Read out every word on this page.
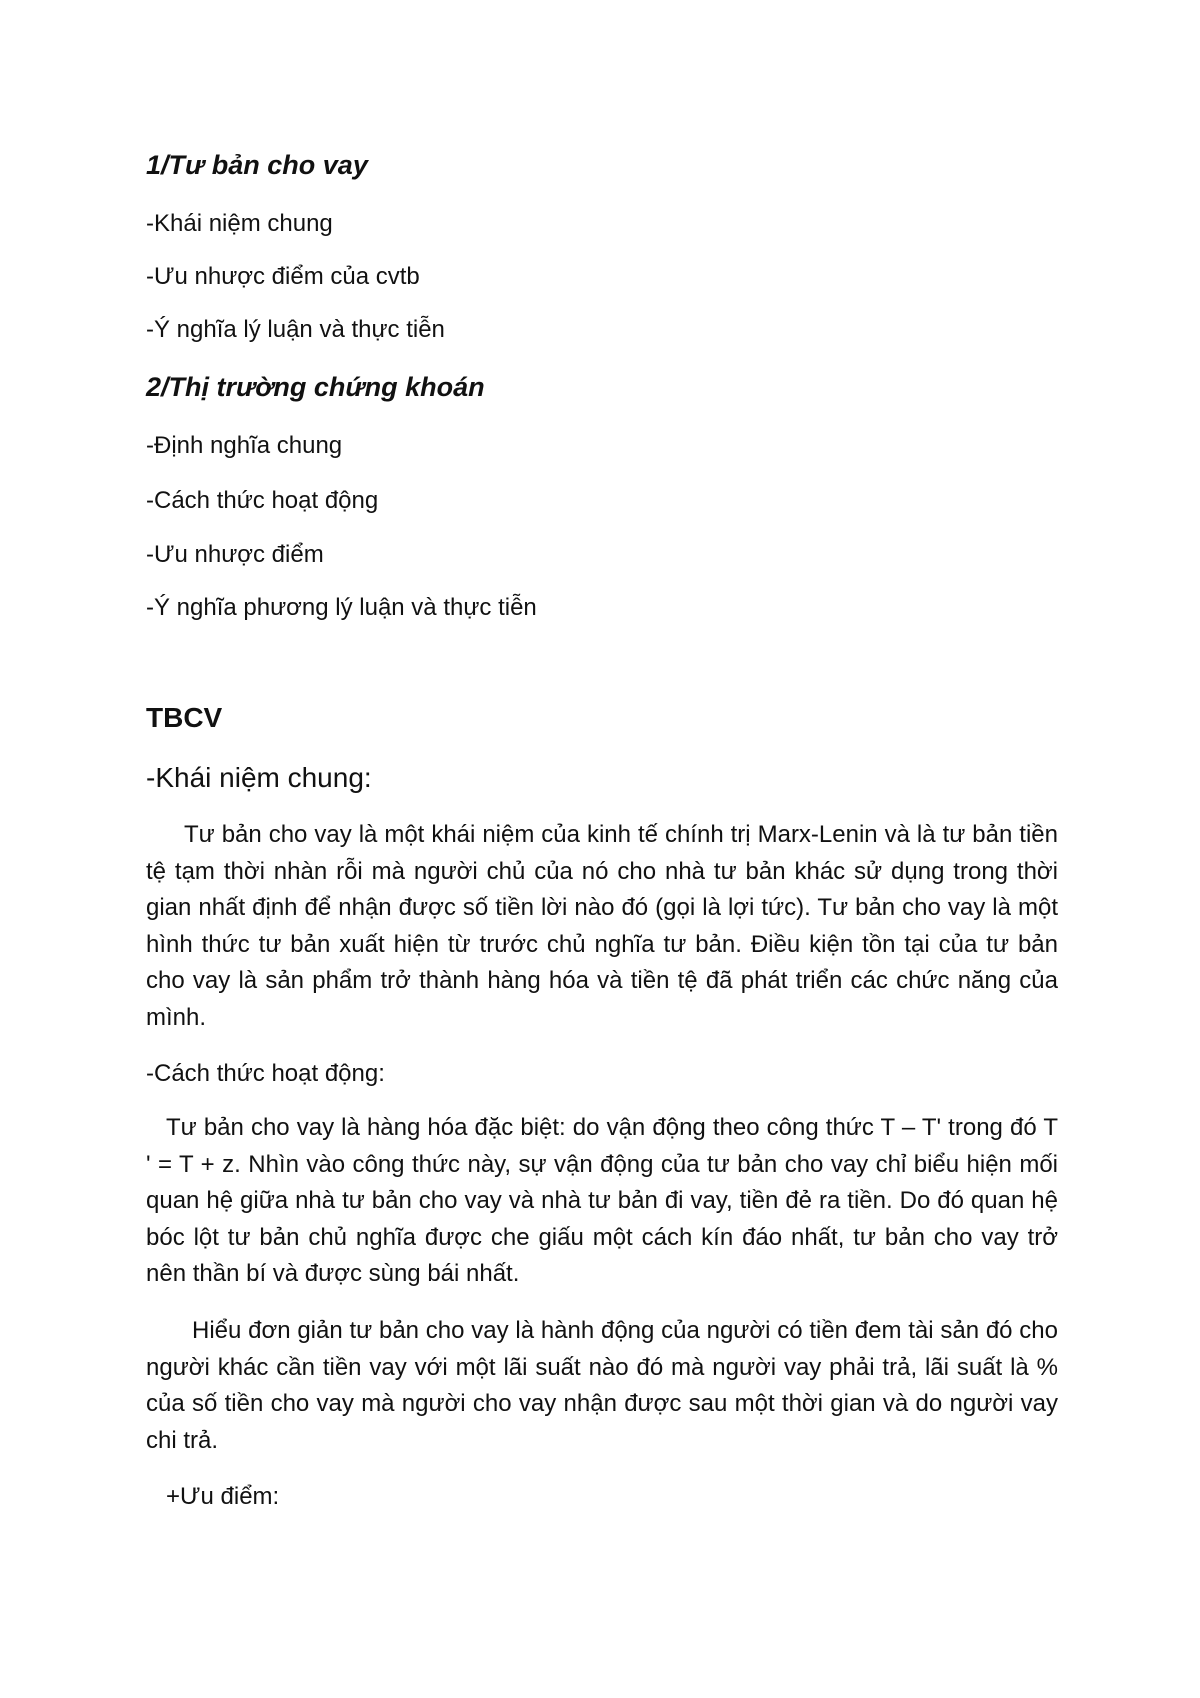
1/Tư bản cho vay

-Khái niệm chung

-Ưu nhược điểm của cvtb

-Ý nghĩa lý luận và thực tiễn

2/Thị trường chứng khoán

-Định nghĩa chung

-Cách thức hoạt động

-Ưu nhược điểm

-Ý nghĩa phương lý luận và thực tiễn

TBCV

-Khái niệm chung:

Tư bản cho vay là một khái niệm của kinh tế chính trị Marx-Lenin và là tư bản tiền tệ tạm thời nhàn rỗi mà người chủ của nó cho nhà tư bản khác sử dụng trong thời gian nhất định để nhận được số tiền lời nào đó (gọi là lợi tức). Tư bản cho vay là một hình thức tư bản xuất hiện từ trước chủ nghĩa tư bản. Điều kiện tồn tại của tư bản cho vay là sản phẩm trở thành hàng hóa và tiền tệ đã phát triển các chức năng của mình.

-Cách thức hoạt động:

Tư bản cho vay là hàng hóa đặc biệt: do vận động theo công thức T – T' trong đó T ' = T + z. Nhìn vào công thức này, sự vận động của tư bản cho vay chỉ biểu hiện mối quan hệ giữa nhà tư bản cho vay và nhà tư bản đi vay, tiền đẻ ra tiền. Do đó quan hệ bóc lột tư bản chủ nghĩa được che giấu một cách kín đáo nhất, tư bản cho vay trở nên thần bí và được sùng bái nhất.

Hiểu đơn giản tư bản cho vay là hành động của người có tiền đem tài sản đó cho người khác cần tiền vay với một lãi suất nào đó mà người vay phải trả, lãi suất là % của số tiền cho vay mà người cho vay nhận được sau một thời gian và do người vay chi trả.

+Ưu điểm:
